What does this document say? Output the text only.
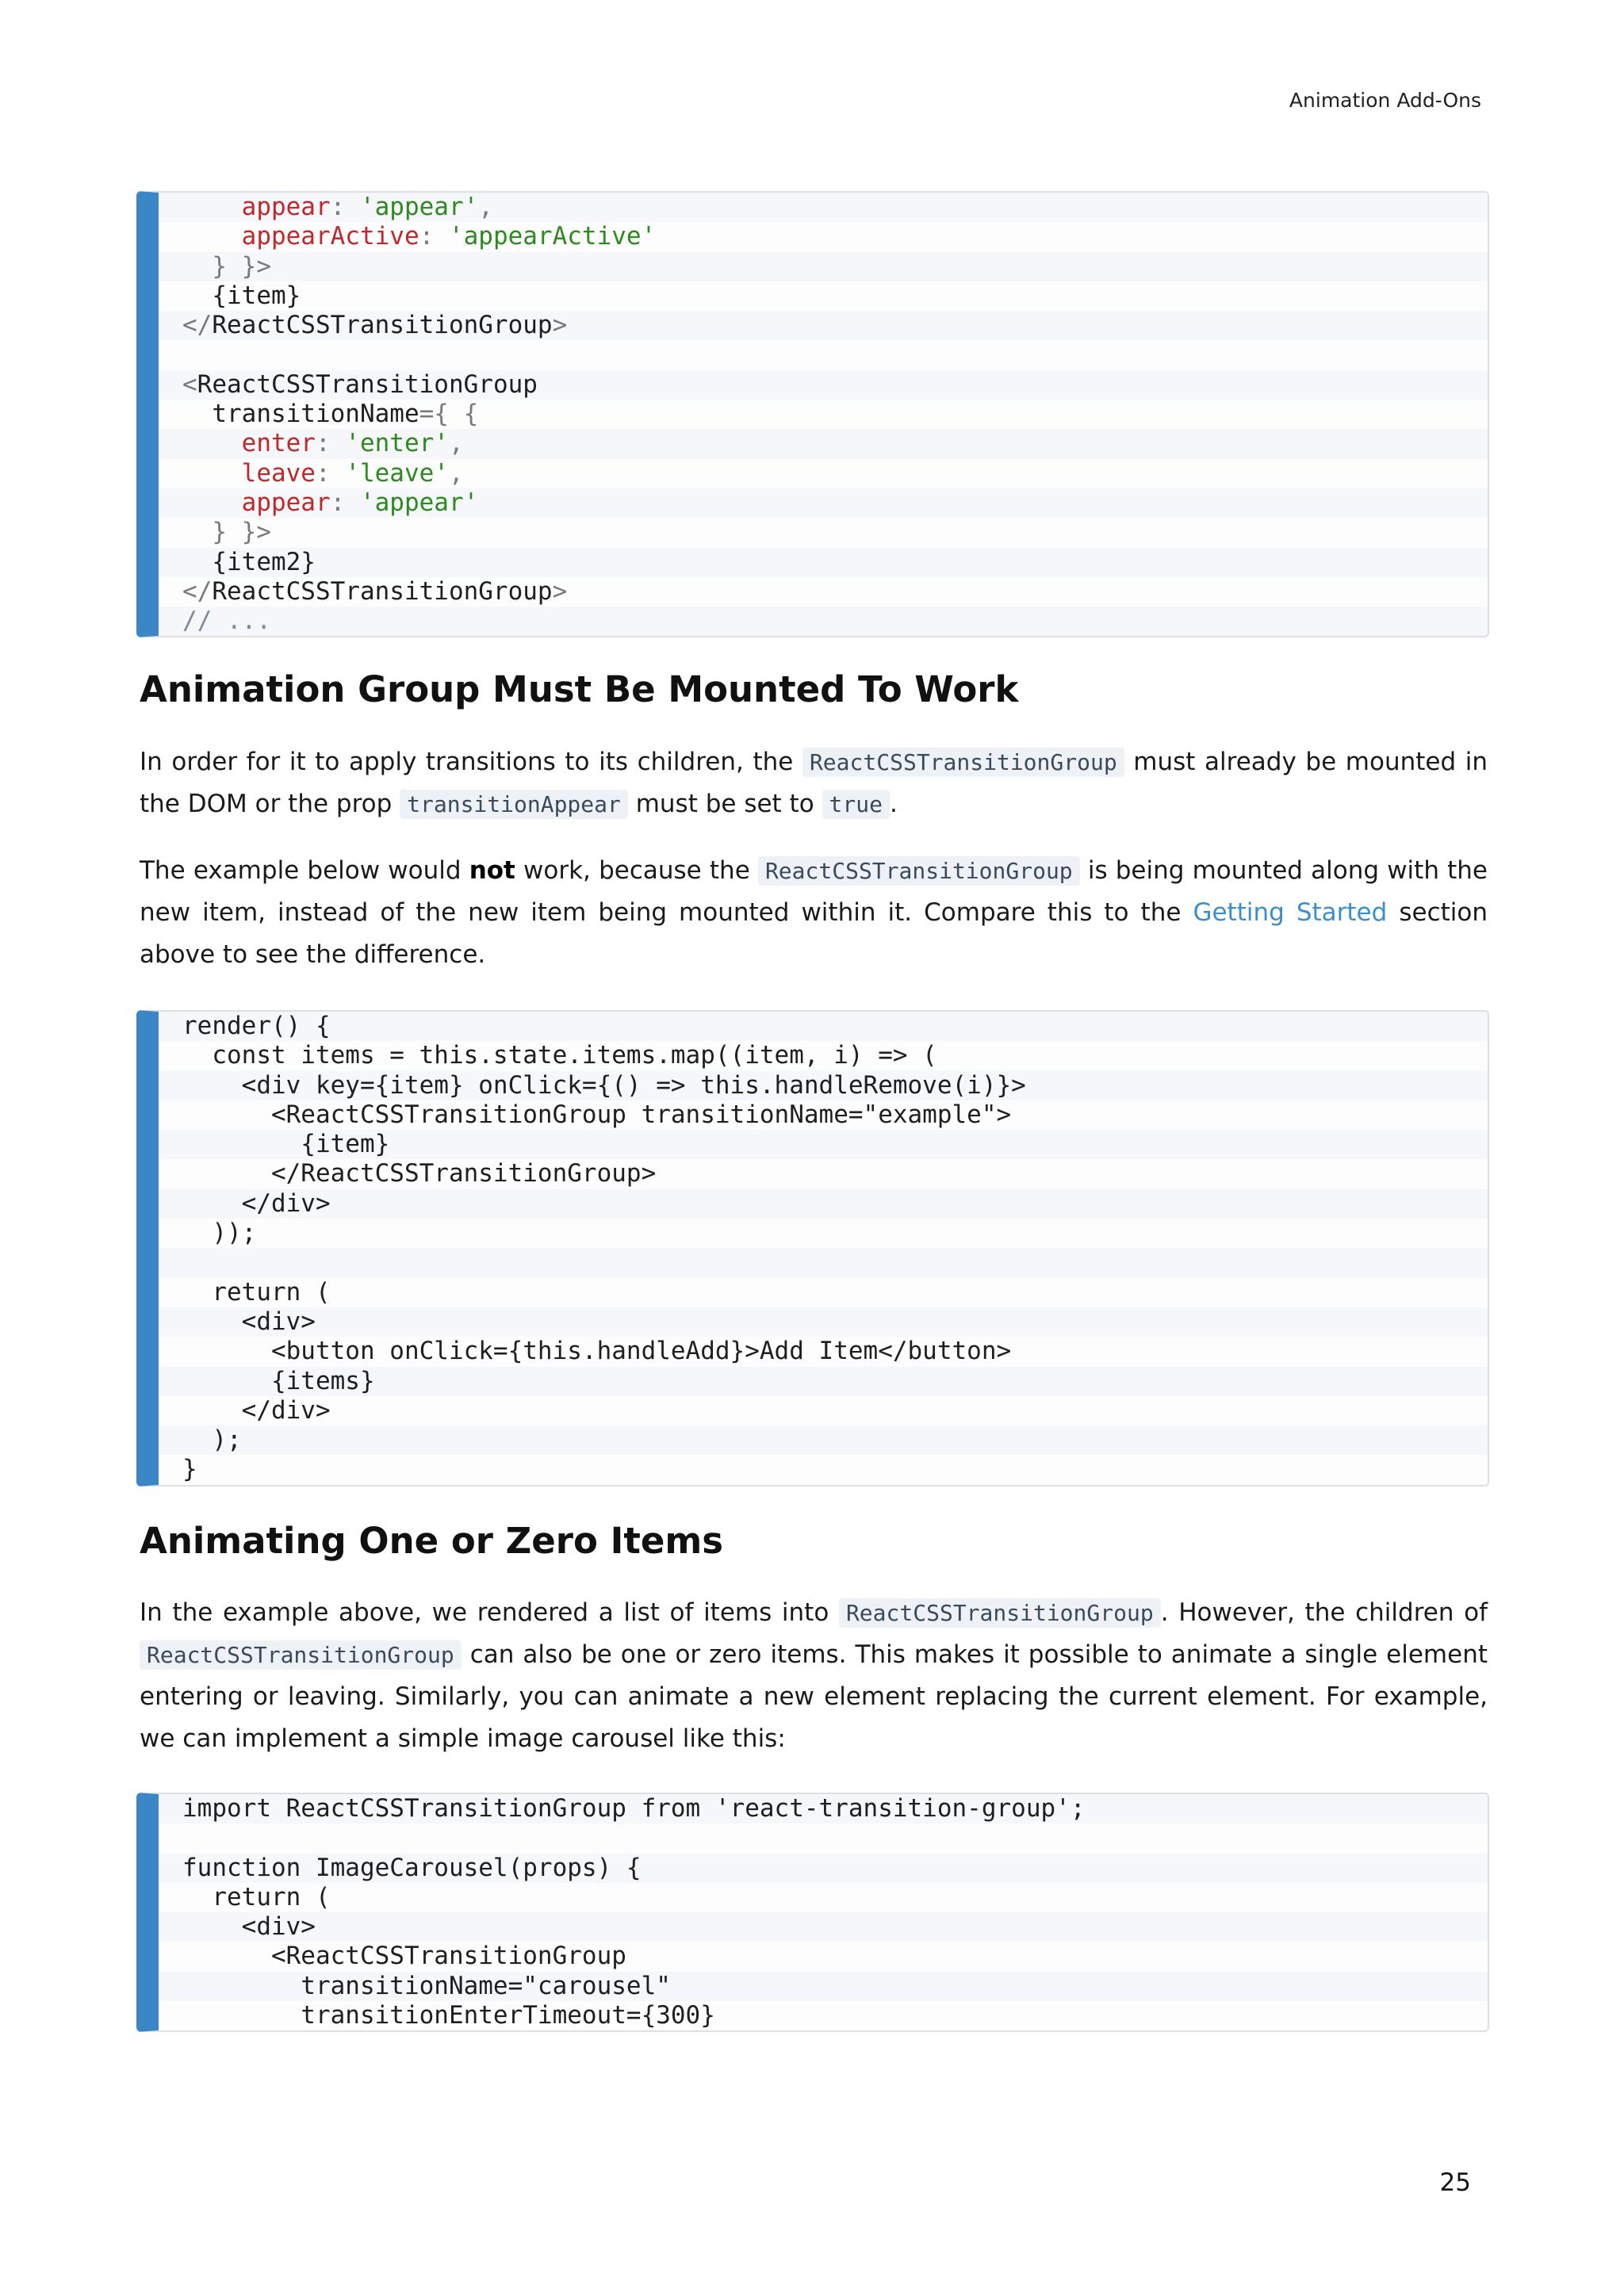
Animation Add-Ons
appear: 'appear',
appearActive: 'appearActive'
} }>
{item}
</ReactCSSTransitionGroup>

<ReactCSSTransitionGroup
transitionName={ {
enter: 'enter',
leave: 'leave',
appear: 'appear'
} }>
{item2}
</ReactCSSTransitionGroup>
// ...
Animation Group Must Be Mounted To Work

In order for it to apply transitions to its children, the ReactCSSTransitionGroup must already be mounted in the DOM or the prop transitionAppear must be set to true .

The example below would not work, because the ReactCSSTransitionGroup is being mounted along with the new item, instead of the new item being mounted within it. Compare this to the Getting Started section above to see the difference.

render() {
const items = this.state.items.map((item, i) => (
<div key={item} onClick={() => this.handleRemove(i)}>
<ReactCSSTransitionGroup transitionName="example">
{item}
</ReactCSSTransitionGroup>
</div>
));

return (
<div>
<button onClick={this.handleAdd}>Add Item</button>
{items}
</div>
);
}
Animating One or Zero Items

In the example above, we rendered a list of items into ReactCSSTransitionGroup . However, the children of ReactCSSTransitionGroup can also be one or zero items. This makes it possible to animate a single element entering or leaving. Similarly, you can animate a new element replacing the current element. For example, we can implement a simple image carousel like this:

import ReactCSSTransitionGroup from 'react-transition-group';

function ImageCarousel(props) {
return (
<div>
<ReactCSSTransitionGroup
transitionName="carousel"
transitionEnterTimeout={300}
25
